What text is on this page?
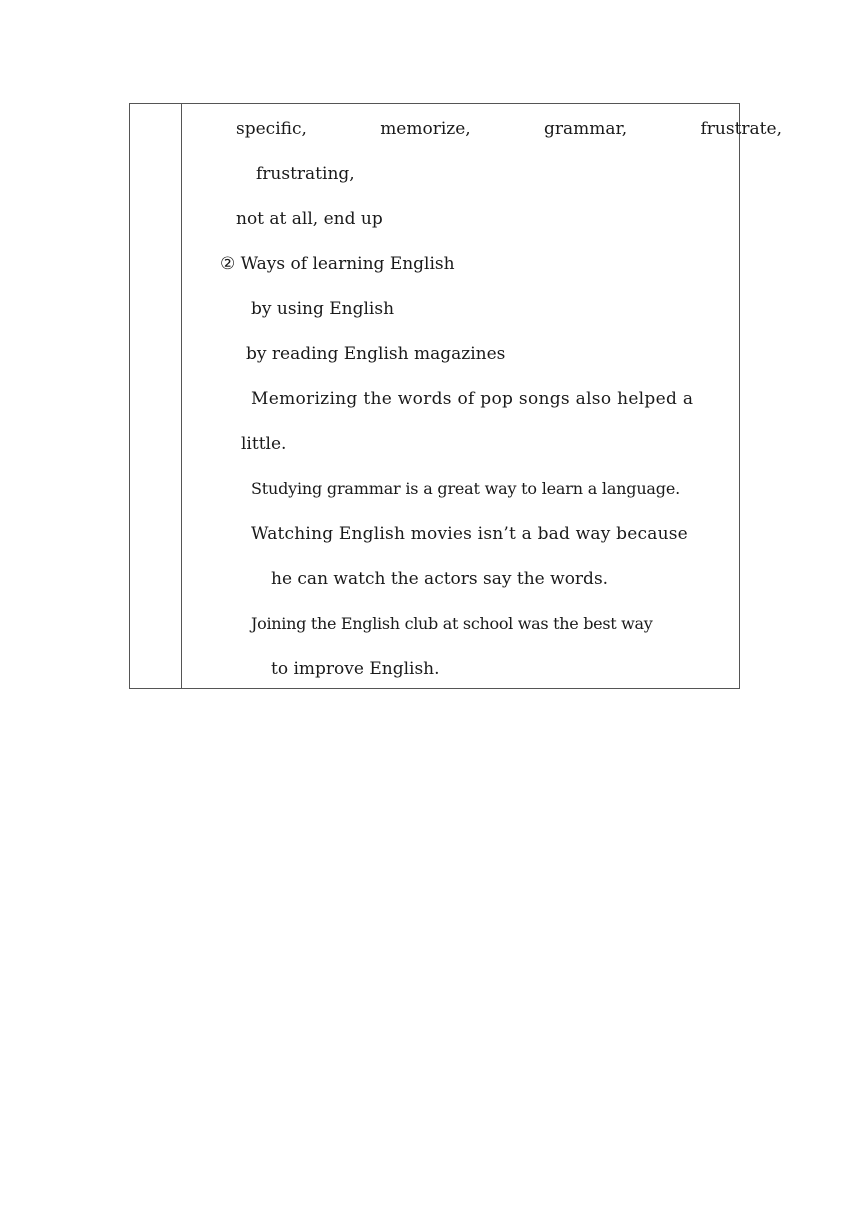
specific,	memorize,	grammar,	frustrate,
frustrating,
not at all, end up
② Ways of learning English
by using English
by reading English magazines
Memorizing the words of pop songs also helped a
little.
Studying grammar is a great way to learn a language.
Watching English movies isn’t a bad way because
he can watch the actors say the words.
Joining the English club at school was the best way
to improve English.
